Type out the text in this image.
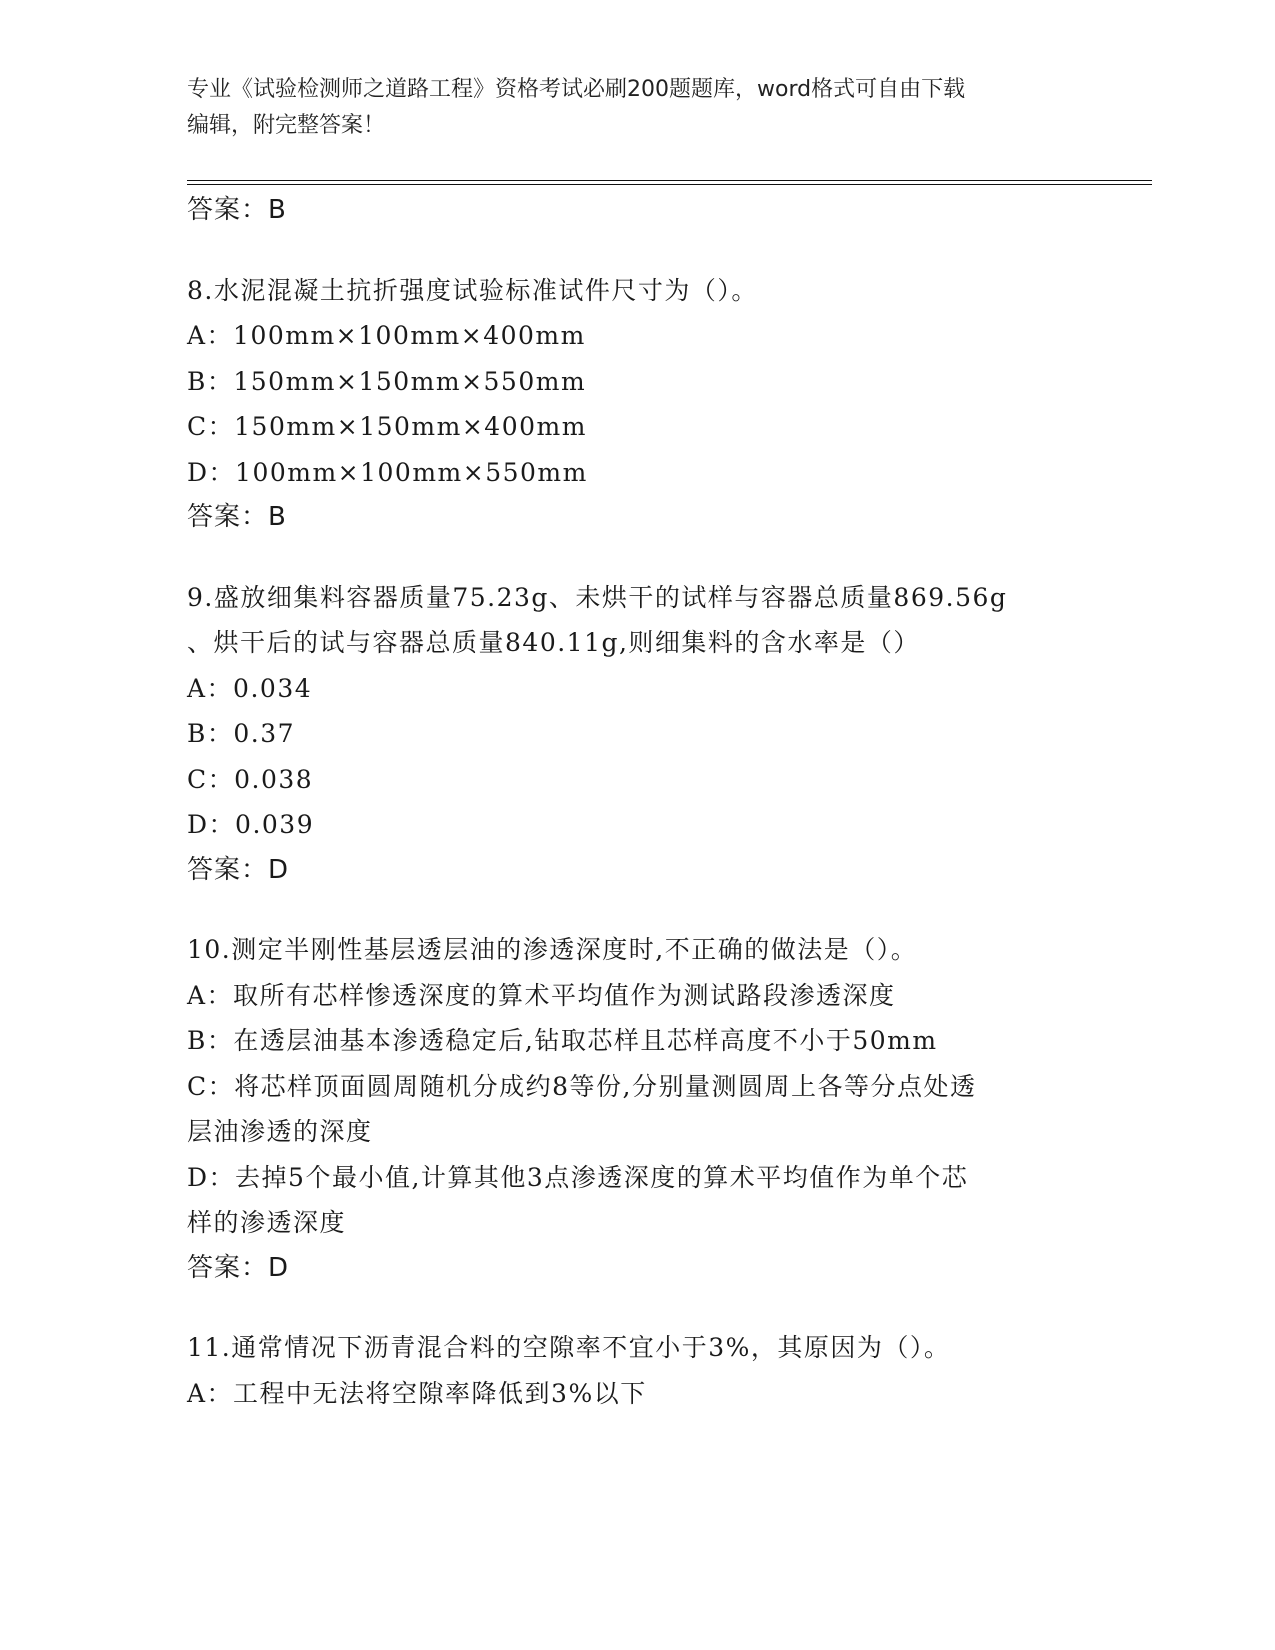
专业《试验检测师之道路工程》资格考试必刷200题题库，word格式可自由下载
编辑，附完整答案！
答案：B
8.水泥混凝土抗折强度试验标准试件尺寸为（）。
A：100mm×100mm×400mm
B：150mm×150mm×550mm
C：150mm×150mm×400mm
D：100mm×100mm×550mm
答案：B
9.盛放细集料容器质量75.23g、未烘干的试样与容器总质量869.56g
、烘干后的试与容器总质量840.11g,则细集料的含水率是（）
A：0.034
B：0.37
C：0.038
D：0.039
答案：D
10.测定半刚性基层透层油的渗透深度时,不正确的做法是（）。
A：取所有芯样惨透深度的算术平均值作为测试路段渗透深度
B：在透层油基本渗透稳定后,钻取芯样且芯样高度不小于50mm
C：将芯样顶面圆周随机分成约8等份,分别量测圆周上各等分点处透
层油渗透的深度
D：去掉5个最小值,计算其他3点渗透深度的算术平均值作为单个芯
样的渗透深度
答案：D
11.通常情况下沥青混合料的空隙率不宜小于3%，其原因为（）。
A：工程中无法将空隙率降低到3%以下
